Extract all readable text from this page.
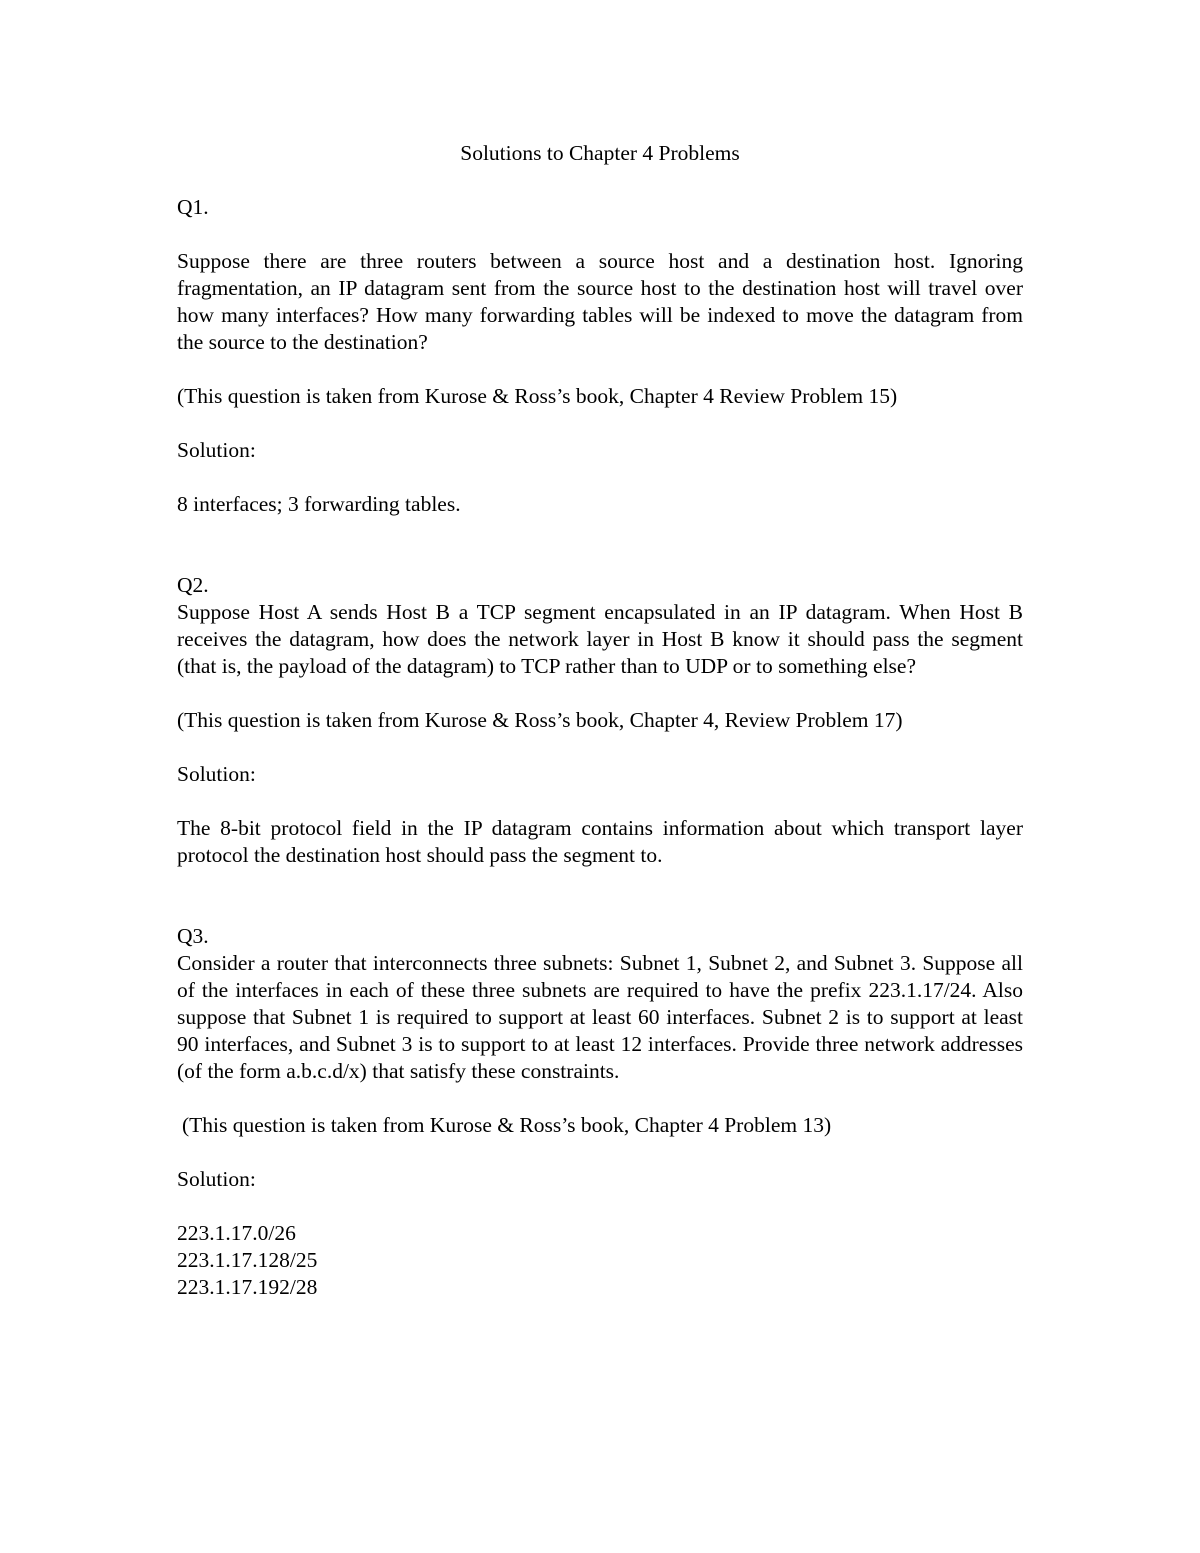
Solutions to Chapter 4 Problems

Q1.

Suppose there are three routers between a source host and a destination host. Ignoring fragmentation, an IP datagram sent from the source host to the destination host will travel over how many interfaces? How many forwarding tables will be indexed to move the datagram from the source to the destination?

(This question is taken from Kurose & Ross’s book, Chapter 4 Review Problem 15)

Solution:

8 interfaces; 3 forwarding tables.

Q2.

Suppose Host A sends Host B a TCP segment encapsulated in an IP datagram. When Host B receives the datagram, how does the network layer in Host B know it should pass the segment (that is, the payload of the datagram) to TCP rather than to UDP or to something else?

(This question is taken from Kurose & Ross’s book, Chapter 4, Review Problem 17)

Solution:

The 8-bit protocol field in the IP datagram contains information about which transport layer protocol the destination host should pass the segment to.

Q3.

Consider a router that interconnects three subnets: Subnet 1, Subnet 2, and Subnet 3. Suppose all of the interfaces in each of these three subnets are required to have the prefix 223.1.17/24. Also suppose that Subnet 1 is required to support at least 60 interfaces. Subnet 2 is to support at least 90 interfaces, and Subnet 3 is to support to at least 12 interfaces. Provide three network addresses (of the form a.b.c.d/x) that satisfy these constraints.

(This question is taken from Kurose & Ross’s book, Chapter 4 Problem 13)

Solution:

223.1.17.0/26

223.1.17.128/25

223.1.17.192/28
